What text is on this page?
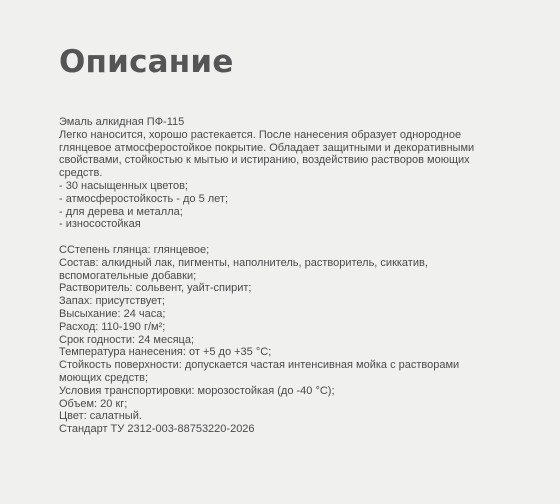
Описание
Эмаль алкидная ПФ-115
Легко наносится, хорошо растекается. После нанесения образует однородное
глянцевое атмосферостойкое покрытие. Обладает защитными и декоративными
свойствами, стойкостью к мытью и истиранию, воздействию растворов моющих
средств.
- 30 насыщенных цветов;
- атмосферостойкость - до 5 лет;
- для дерева и металла;
- износостойкая
ССтепень глянца: глянцевое;
Состав: алкидный лак, пигменты, наполнитель, растворитель, сиккатив,
вспомогательные добавки;
Растворитель: сольвент, уайт-спирит;
Запах: присутствует;
Высыхание: 24 часа;
Расход: 110-190 г/м²;
Срок годности: 24 месяца;
Температура нанесения: от +5 до +35 °С;
Стойкость поверхности: допускается частая интенсивная мойка с растворами
моющих средств;
Условия транспортировки: морозостойкая (до -40 °С);
Объем: 20 кг;
Цвет: салатный.
Стандарт ТУ 2312-003-88753220-2026
